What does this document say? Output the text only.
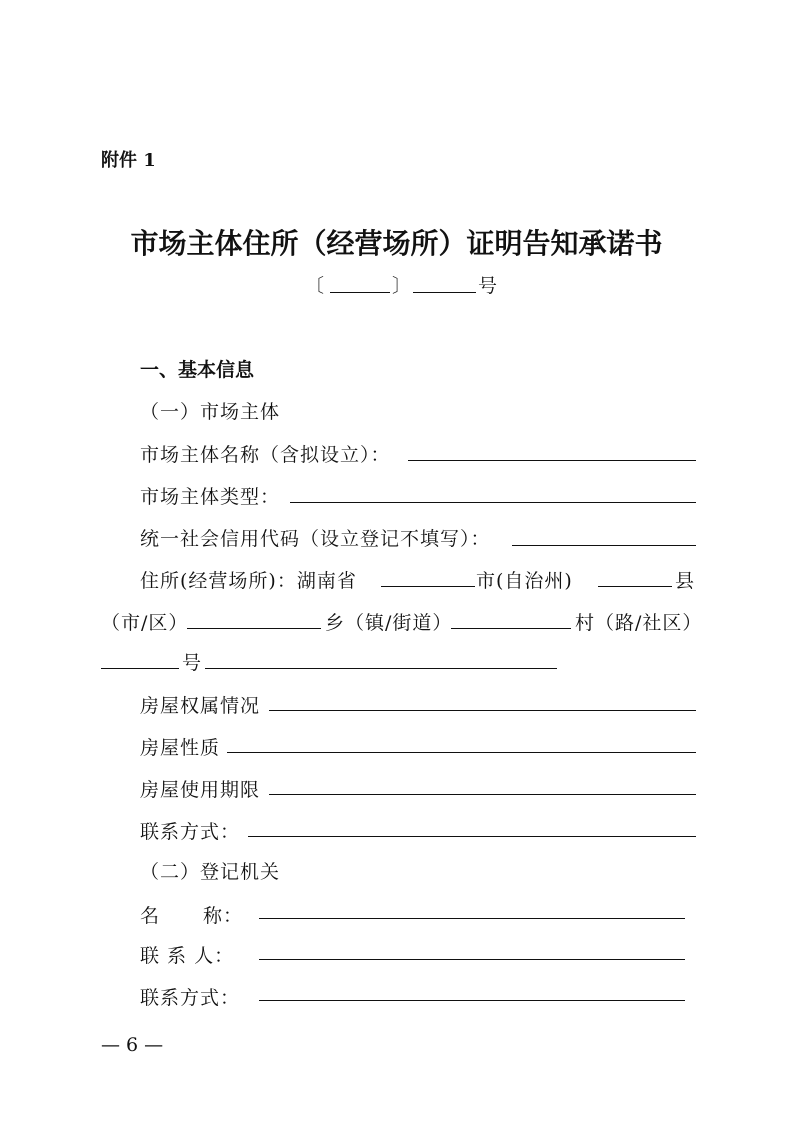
附件 1
市场主体住所（经营场所）证明告知承诺书
〔	〕	号
一、基本信息
（一）市场主体
市场主体名称（含拟设立）：
市场主体类型：
统一社会信用代码（设立登记不填写）：
住所(经营场所)：湖南省	市(自治州)	县
（市/区）	乡（镇/街道）	村（路/社区）
号
房屋权属情况
房屋性质
房屋使用期限
联系方式：
（二）登记机关
名 称：
联 系 人：
联系方式：
— 6 —
